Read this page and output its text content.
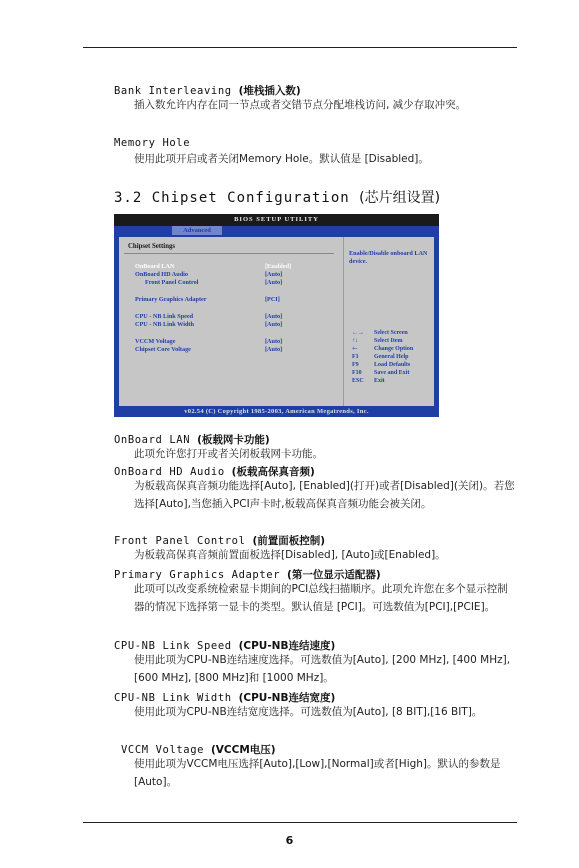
Bank Interleaving (堆栈插入数)
插入数允许内存在同一节点或者交错节点分配堆栈访问, 减少存取冲突。
Memory Hole
使用此项开启或者关闭Memory Hole。默认值是 [Disabled]。
3.2 Chipset Configuration (芯片组设置)
BIOS SETUP UTILITY
Advanced
Chipset Settings
OnBoard LAN	[Enabled]
OnBoard HD Audio	[Auto]
Front Panel Control	[Auto]
Primary Graphics Adapter	[PCI]
CPU - NB Link Speed	[Auto]
CPU - NB Link Width	[Auto]
VCCM Voltage	[Auto]
Chipset Core Voltage	[Auto]
Enable/Disable onboard LAN device.
←→ Select Screen
↑↓	Select Item
+-	Change Option
F1	General Help
F9	Load Defaults
F10 Save and Exit
ESC Exit
v02.54 (C) Copyright 1985-2003, American Megatrends, Inc.
OnBoard LAN (板载网卡功能)
此项允许您打开或者关闭板载网卡功能。
OnBoard HD Audio (板载高保真音频)
为板载高保真音频功能选择[Auto], [Enabled](打开)或者[Disabled](关闭)。若您选择[Auto],当您插入PCI声卡时,板载高保真音频功能会被关闭。
Front Panel Control (前置面板控制)
为板载高保真音频前置面板选择[Disabled], [Auto]或[Enabled]。
Primary Graphics Adapter (第一位显示适配器)
此项可以改变系统检索显卡期间的PCI总线扫描顺序。此项允许您在多个显示控制器的情况下选择第一显卡的类型。默认值是 [PCI]。可选数值为[PCI],[PCIE]。
CPU-NB Link Speed (CPU-NB连结速度)
使用此项为CPU-NB连结速度选择。可选数值为[Auto], [200 MHz], [400 MHz], [600 MHz], [800 MHz]和 [1000 MHz]。
CPU-NB Link Width (CPU-NB连结宽度)
使用此项为CPU-NB连结宽度选择。可选数值为[Auto], [8 BIT],[16 BIT]。
VCCM Voltage (VCCM电压)
使用此项为VCCM电压选择[Auto],[Low],[Normal]或者[High]。默认的参数是[Auto]。
6
